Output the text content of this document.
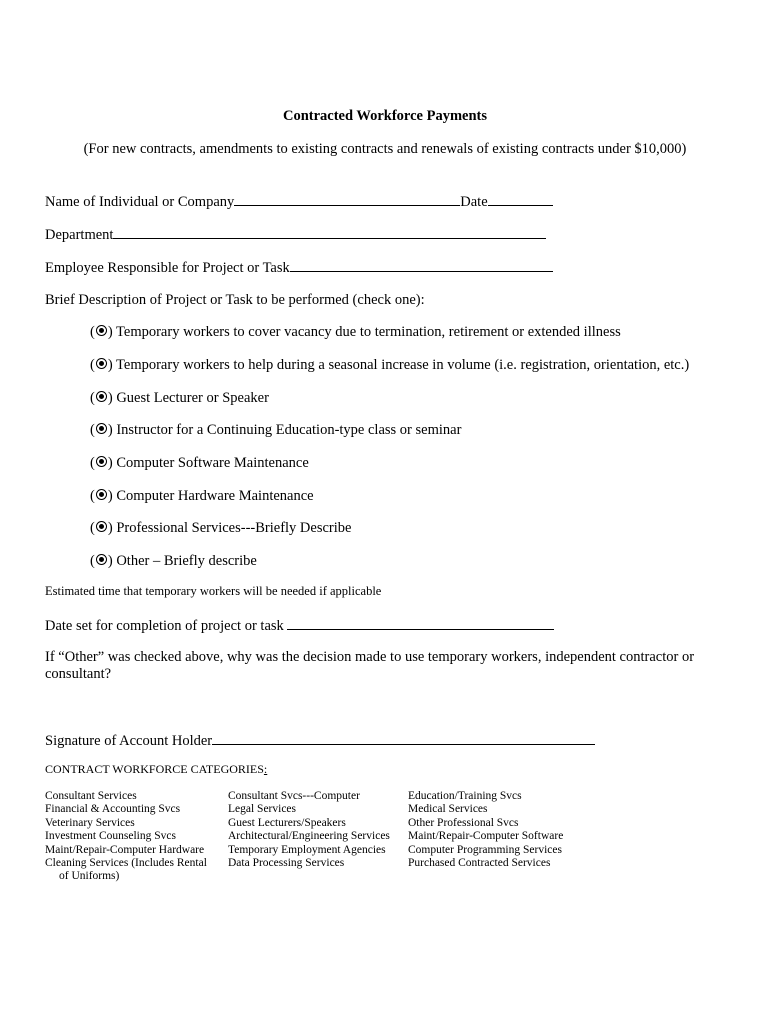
Contracted Workforce Payments

(For new contracts, amendments to existing contracts and renewals of existing contracts under $10,000)

Name of Individual or Company	Date
Department
Employee Responsible for Project or Task
Brief Description of Project or Task to be performed (check one):
( ) Temporary workers to cover vacancy due to termination, retirement or extended illness
( ) Temporary workers to help during a seasonal increase in volume (i.e. registration, orientation, etc.)
( ) Guest Lecturer or Speaker
( ) Instructor for a Continuing Education-type class or seminar
( ) Computer Software Maintenance
( ) Computer Hardware Maintenance
( ) Professional Services---Briefly Describe
( ) Other – Briefly describe
Estimated time that temporary workers will be needed if applicable
Date set for completion of project or task
If “Other” was checked above, why was the decision made to use temporary workers, independent contractor or consultant?
Signature of Account Holder
CONTRACT WORKFORCE CATEGORIES:
Consultant Services
Financial & Accounting Svcs
Veterinary Services
Investment Counseling Svcs
Maint/Repair-Computer Hardware
Cleaning Services (Includes Rental
of Uniforms)
Consultant Svcs---Computer
Legal Services
Guest Lecturers/Speakers
Architectural/Engineering Services
Temporary Employment Agencies
Data Processing Services
Education/Training Svcs
Medical Services
Other Professional Svcs
Maint/Repair-Computer Software
Computer Programming Services
Purchased Contracted Services
